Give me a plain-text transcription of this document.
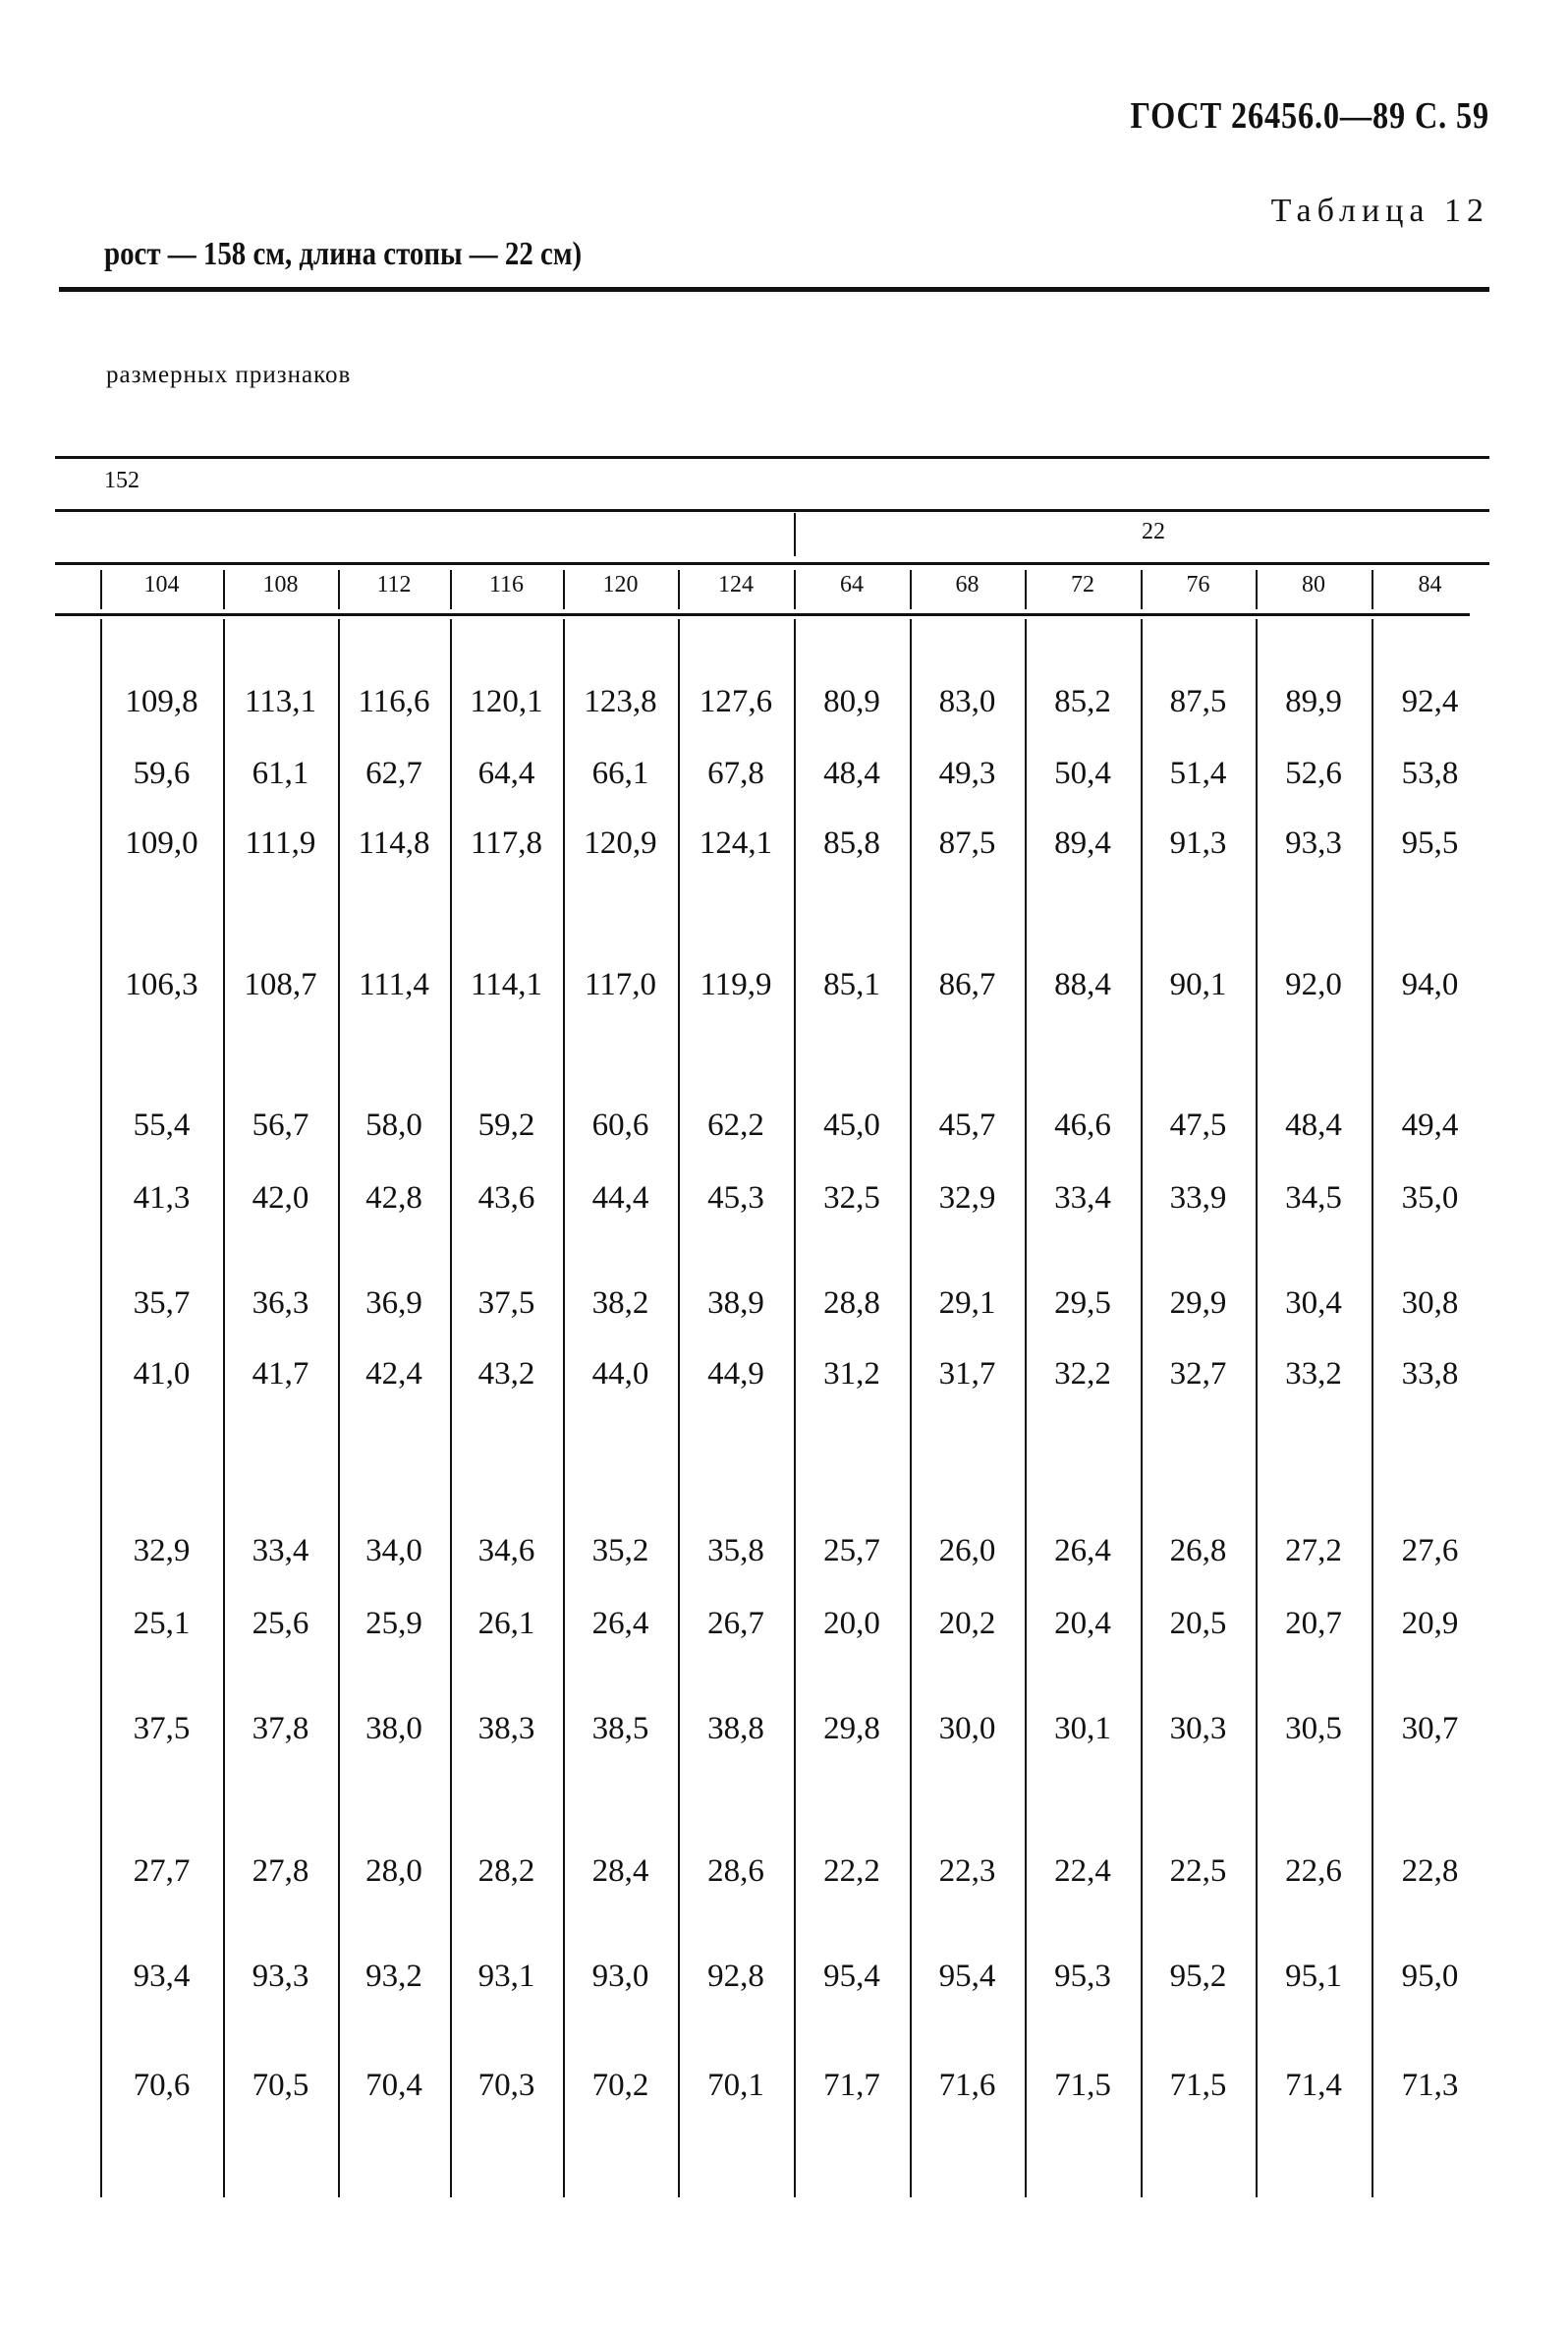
ГОСТ 26456.0—89 С. 59
Таблица 12
рост — 158 см, длина стопы — 22 см)
размерных признаков
152
22
104	108	112	116	120	124	64	68	72	76	80	84
109,8	113,1	116,6	120,1	123,8	127,6	80,9	83,0	85,2	87,5	89,9	92,4
59,6	61,1	62,7	64,4	66,1	67,8	48,4	49,3	50,4	51,4	52,6	53,8
109,0	111,9	114,8	117,8	120,9	124,1	85,8	87,5	89,4	91,3	93,3	95,5
106,3	108,7	111,4	114,1	117,0	119,9	85,1	86,7	88,4	90,1	92,0	94,0
55,4	56,7	58,0	59,2	60,6	62,2	45,0	45,7	46,6	47,5	48,4	49,4
41,3	42,0	42,8	43,6	44,4	45,3	32,5	32,9	33,4	33,9	34,5	35,0
35,7	36,3	36,9	37,5	38,2	38,9	28,8	29,1	29,5	29,9	30,4	30,8
41,0	41,7	42,4	43,2	44,0	44,9	31,2	31,7	32,2	32,7	33,2	33,8
32,9	33,4	34,0	34,6	35,2	35,8	25,7	26,0	26,4	26,8	27,2	27,6
25,1	25,6	25,9	26,1	26,4	26,7	20,0	20,2	20,4	20,5	20,7	20,9
37,5	37,8	38,0	38,3	38,5	38,8	29,8	30,0	30,1	30,3	30,5	30,7
27,7	27,8	28,0	28,2	28,4	28,6	22,2	22,3	22,4	22,5	22,6	22,8
93,4	93,3	93,2	93,1	93,0	92,8	95,4	95,4	95,3	95,2	95,1	95,0
70,6	70,5	70,4	70,3	70,2	70,1	71,7	71,6	71,5	71,5	71,4	71,3
